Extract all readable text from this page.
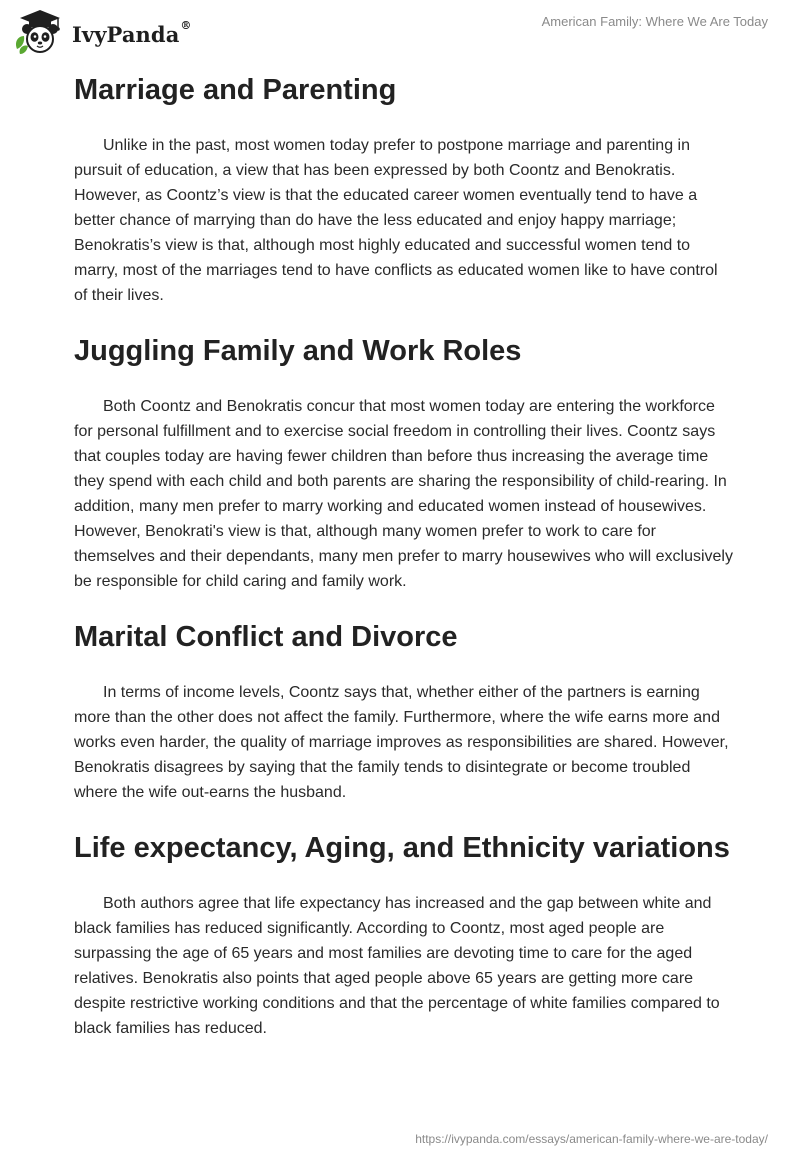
IvyPanda®	American Family: Where We Are Today
Marriage and Parenting

Unlike in the past, most women today prefer to postpone marriage and parenting in pursuit of education, a view that has been expressed by both Coontz and Benokratis. However, as Coontz’s view is that the educated career women eventually tend to have a better chance of marrying than do have the less educated and enjoy happy marriage; Benokratis’s view is that, although most highly educated and successful women tend to marry, most of the marriages tend to have conflicts as educated women like to have control of their lives.

Juggling Family and Work Roles

Both Coontz and Benokratis concur that most women today are entering the workforce for personal fulfillment and to exercise social freedom in controlling their lives. Coontz says that couples today are having fewer children than before thus increasing the average time they spend with each child and both parents are sharing the responsibility of child-rearing. In addition, many men prefer to marry working and educated women instead of housewives. However, Benokrati's view is that, although many women prefer to work to care for themselves and their dependants, many men prefer to marry housewives who will exclusively be responsible for child caring and family work.

Marital Conflict and Divorce

In terms of income levels, Coontz says that, whether either of the partners is earning more than the other does not affect the family. Furthermore, where the wife earns more and works even harder, the quality of marriage improves as responsibilities are shared. However, Benokratis disagrees by saying that the family tends to disintegrate or become troubled where the wife out-earns the husband.

Life expectancy, Aging, and Ethnicity variations

Both authors agree that life expectancy has increased and the gap between white and black families has reduced significantly. According to Coontz, most aged people are surpassing the age of 65 years and most families are devoting time to care for the aged relatives. Benokratis also points that aged people above 65 years are getting more care despite restrictive working conditions and that the percentage of white families compared to black families has reduced.

https://ivypanda.com/essays/american-family-where-we-are-today/
